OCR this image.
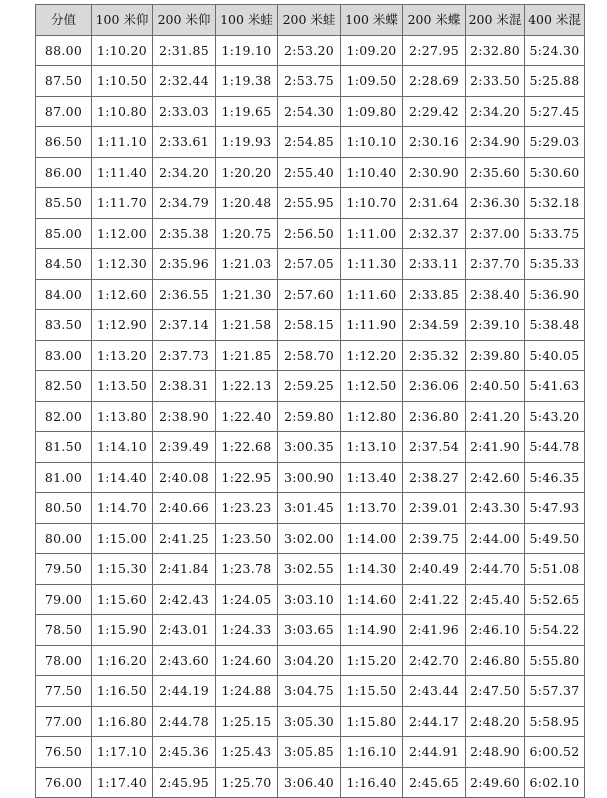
分值	100 米仰	200 米仰	100 米蛙	200 米蛙	100 米蝶	200 米蝶	200 米混	400 米混
88.00	1:10.20	2:31.85	1:19.10	2:53.20	1:09.20	2:27.95	2:32.80	5:24.30
87.50	1:10.50	2:32.44	1:19.38	2:53.75	1:09.50	2:28.69	2:33.50	5:25.88
87.00	1:10.80	2:33.03	1:19.65	2:54.30	1:09.80	2:29.42	2:34.20	5:27.45
86.50	1:11.10	2:33.61	1:19.93	2:54.85	1:10.10	2:30.16	2:34.90	5:29.03
86.00	1:11.40	2:34.20	1:20.20	2:55.40	1:10.40	2:30.90	2:35.60	5:30.60
85.50	1:11.70	2:34.79	1:20.48	2:55.95	1:10.70	2:31.64	2:36.30	5:32.18
85.00	1:12.00	2:35.38	1:20.75	2:56.50	1:11.00	2:32.37	2:37.00	5:33.75
84.50	1:12.30	2:35.96	1:21.03	2:57.05	1:11.30	2:33.11	2:37.70	5:35.33
84.00	1:12.60	2:36.55	1:21.30	2:57.60	1:11.60	2:33.85	2:38.40	5:36.90
83.50	1:12.90	2:37.14	1:21.58	2:58.15	1:11.90	2:34.59	2:39.10	5:38.48
83.00	1:13.20	2:37.73	1:21.85	2:58.70	1:12.20	2:35.32	2:39.80	5:40.05
82.50	1:13.50	2:38.31	1:22.13	2:59.25	1:12.50	2:36.06	2:40.50	5:41.63
82.00	1:13.80	2:38.90	1:22.40	2:59.80	1:12.80	2:36.80	2:41.20	5:43.20
81.50	1:14.10	2:39.49	1:22.68	3:00.35	1:13.10	2:37.54	2:41.90	5:44.78
81.00	1:14.40	2:40.08	1:22.95	3:00.90	1:13.40	2:38.27	2:42.60	5:46.35
80.50	1:14.70	2:40.66	1:23.23	3:01.45	1:13.70	2:39.01	2:43.30	5:47.93
80.00	1:15.00	2:41.25	1:23.50	3:02.00	1:14.00	2:39.75	2:44.00	5:49.50
79.50	1:15.30	2:41.84	1:23.78	3:02.55	1:14.30	2:40.49	2:44.70	5:51.08
79.00	1:15.60	2:42.43	1:24.05	3:03.10	1:14.60	2:41.22	2:45.40	5:52.65
78.50	1:15.90	2:43.01	1:24.33	3:03.65	1:14.90	2:41.96	2:46.10	5:54.22
78.00	1:16.20	2:43.60	1:24.60	3:04.20	1:15.20	2:42.70	2:46.80	5:55.80
77.50	1:16.50	2:44.19	1:24.88	3:04.75	1:15.50	2:43.44	2:47.50	5:57.37
77.00	1:16.80	2:44.78	1:25.15	3:05.30	1:15.80	2:44.17	2:48.20	5:58.95
76.50	1:17.10	2:45.36	1:25.43	3:05.85	1:16.10	2:44.91	2:48.90	6:00.52
76.00	1:17.40	2:45.95	1:25.70	3:06.40	1:16.40	2:45.65	2:49.60	6:02.10
